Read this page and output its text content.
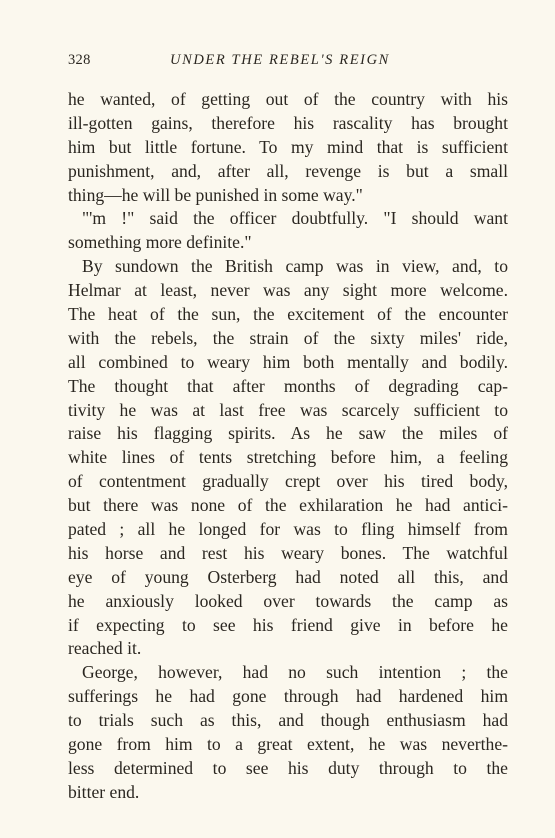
328	UNDER THE REBEL'S REIGN
he wanted, of getting out of the country with his
ill-gotten gains, therefore his rascality has brought
him but little fortune. To my mind that is sufficient
punishment, and, after all, revenge is but a small
thing—he will be punished in some way."
"'m !" said the officer doubtfully. "I should want
something more definite."
By sundown the British camp was in view, and, to
Helmar at least, never was any sight more welcome.
The heat of the sun, the excitement of the encounter
with the rebels, the strain of the sixty miles' ride,
all combined to weary him both mentally and bodily.
The thought that after months of degrading cap-
tivity he was at last free was scarcely sufficient to
raise his flagging spirits. As he saw the miles of
white lines of tents stretching before him, a feeling
of contentment gradually crept over his tired body,
but there was none of the exhilaration he had antici-
pated ; all he longed for was to fling himself from
his horse and rest his weary bones. The watchful
eye of young Osterberg had noted all this, and
he anxiously looked over towards the camp as
if expecting to see his friend give in before he
reached it.
George, however, had no such intention ; the
sufferings he had gone through had hardened him
to trials such as this, and though enthusiasm had
gone from him to a great extent, he was neverthe-
less determined to see his duty through to the
bitter end.
